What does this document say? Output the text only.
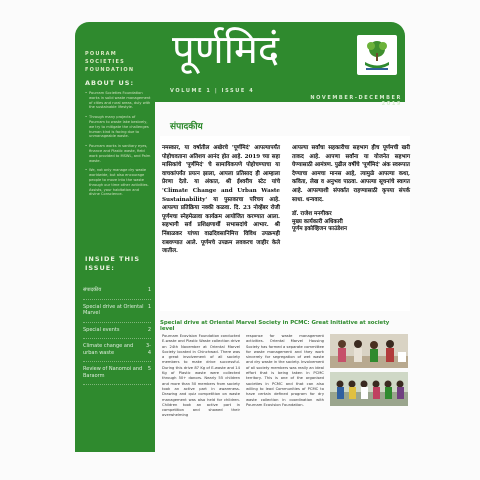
ABOUT US:
• Pourram Societies Foundation works in solid waste management of cities and rural areas, duly with the sustainable lifestyle.
• Through many projects of Pournam to waste lake bestvely, we try to mitigate the challenges human kind is facing due to unmanageable waste.
• Pournam works in sanitary eyes, finance and Plastic waste, field work provided to MSWL, and Palm waste.
• We, not only manage dry waste worldwide, but also encourage people to move into the waste through our time other activities. Assists, your habitation and divine Conscience.
INSIDE THIS ISSUE:
संपादकीय	1
Special drive at Oriental Marvel
1
Special events	2
Climate change and urban waste
3-4
Review of Nanomoi and Baraorm
5
POURAM SOCIETIES FOUNDATION पूर्णमिदं
VOLUME 1 | ISSUE 4
NOVEMBER-DECEMBER 2019
संपादकीय
नमस्कार, या वर्षातील अखेरचे 'पूर्णमिदं' आपल्यापर्यंत पोहोचवताना अतिशय आनंद होत आहे. 2019 च्या सहा मासिकांचे 'पूर्णमिदं' चे सामायिकपणे पोहोचण्याचा या वाचकांपर्यंत प्रयत्न झाला, आपला प्रतिसाद ही आम्हाला प्रेरणा देतो. या अंकात, श्री ईश्वरीय स्टेट यांचे 'Climate Change and Urban Waste Sustainability' या पुस्तकाचा परिचय आहे. आपल्या प्रतिक्रिया नक्की कळवा. दि. 23 नोव्हेंबर रोजी पूर्णमचा स्नेहमेळावा कार्यक्रम आयोजित करण्यात आला. सहभागी सर्व प्रशिक्षणार्थी सभासदांचे आभार. श्री निंबाळकर यांच्या वाढदिवसानिमित्त विविध उपक्रमही राबवण्यात आले. पूर्णमचे उपक्रम लवकरच जाहीर केले जातील.
आपल्या सर्वांचा सहकारीचा सहभाग हीच पूर्णमची खरी ताकद आहे. आपणा सर्वांना या योजनेत सहभाग घेण्यासाठी आमंत्रण. पुढील वर्षीचे 'पूर्णमिदं' अंक स्वरूपात देण्याचा आमचा मानस आहे, त्यामुळे आपल्या कथा, कविता, लेख व अनुभव पाठवा. आपल्या सूचनांचे स्वागत आहे. आपल्याशी संपर्कात राहण्यासाठी कृपया संपर्क साधा. धन्यवाद.
डॉ. राजेश मनगीकर
मुख्य कार्यकारी अधिकारी
पूर्णम इकोव्हिजन फाउंडेशन
Special drive at Oriental Marvel Society in PCMC: Great Initiative at society level
Pournam Ecovision Foundation conducted E-waste and Plastic Waste collection drive on 24th November at Oriental Marvel Society located in Chinchwad. There was a great involvement of all society members to make drive successful. During this drive 87 Kg of E-waste and 14 Kg of Plastic waste were collected through 50+ donors. Nearly 55 children and more than 50 members from society took an active part in awareness. Drawing and quiz competition on waste management was also held for children. Children took an active part in competition and showed their overwhelming
response for waste management activities. Oriental Marvel Housing Society has formed a separate committee for waste management and they work sincerely for segregation of wet waste and dry waste in the society. Involvement of all society members was really an ideal effort that is being taken in PCMC territory. This is one of the organised societies in PCMC and that can also willing to lead Communities of PCMC to have certain defined program for dry waste collection in coordination with Pournam Ecovision Foundation.
